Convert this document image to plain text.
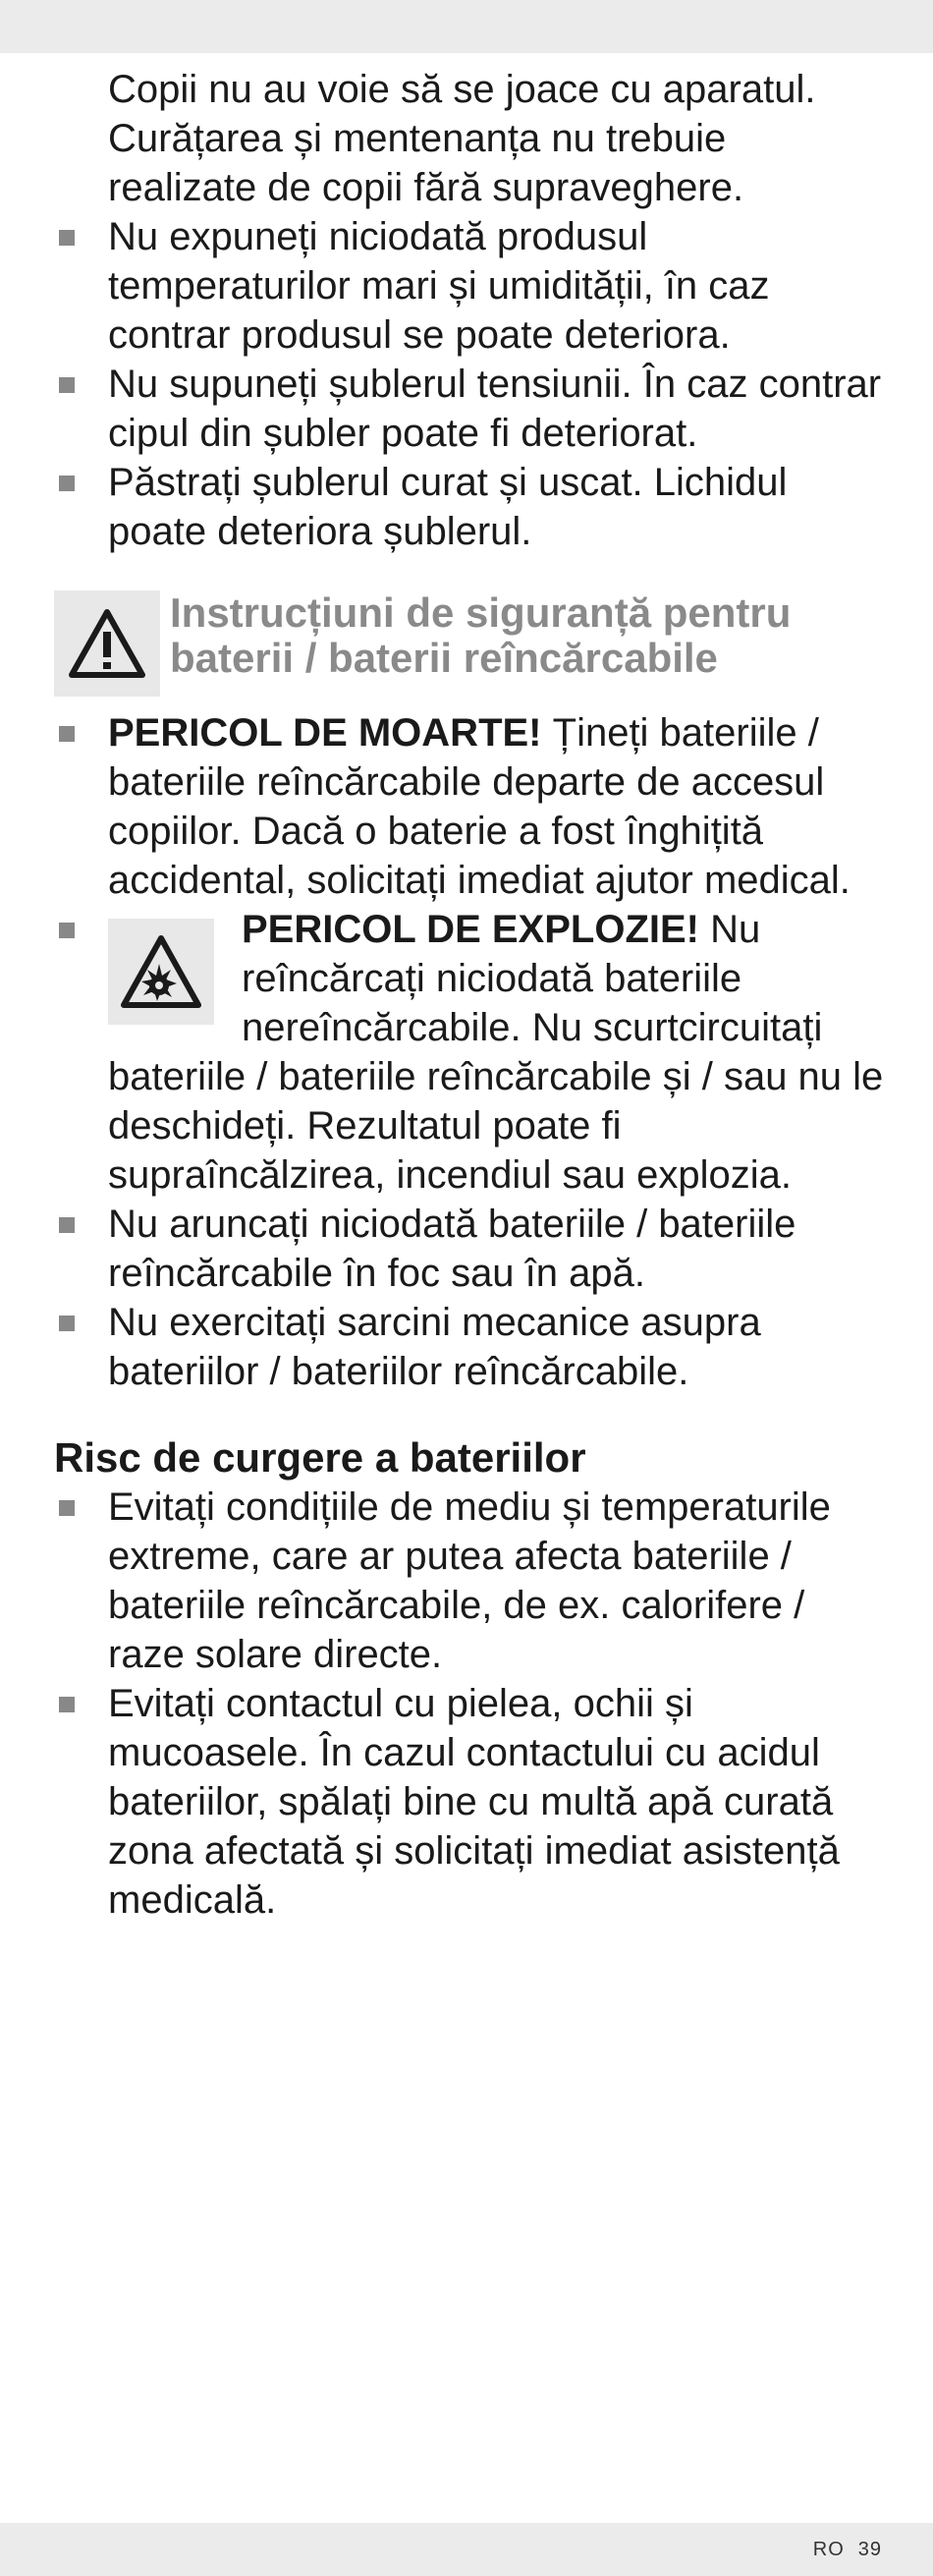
Copii nu au voie să se joace cu aparatul. Curățarea și mentenanța nu trebuie realizate de copii fără supraveghere.

Nu expuneți niciodată produsul temperaturilor mari și umidității, în caz contrar produsul se poate deteriora.
Nu supuneți șublerul tensiunii. În caz contrar cipul din șubler poate fi deteriorat.
Păstrați șublerul curat și uscat. Lichidul poate deteriora șublerul.
Instrucțiuni de siguranță pentru baterii / baterii reîncărcabile
PERICOL DE MOARTE! Țineți bateriile / bateriile reîncărcabile departe de accesul copiilor. Dacă o baterie a fost înghițită accidental, solicitați imediat ajutor medical.
PERICOL DE EXPLOZIE! Nu reîncărcați niciodată bateriile nereîncărcabile. Nu scurtcircuitați bateriile / bateriile reîncărcabile și / sau nu le deschideți. Rezultatul poate fi supraîncălzirea, incendiul sau explozia.
Nu aruncați niciodată bateriile / bateriile reîncărcabile în foc sau în apă.
Nu exercitați sarcini mecanice asupra bateriilor / bateriilor reîncărcabile.
Risc de curgere a bateriilor
Evitați condițiile de mediu și temperaturile extreme, care ar putea afecta bateriile / bateriile reîncărcabile, de ex. calorifere / raze solare directe.
Evitați contactul cu pielea, ochii și mucoasele. În cazul contactului cu acidul bateriilor, spălați bine cu multă apă curată zona afectată și solicitați imediat asistență medicală.
RO 39
